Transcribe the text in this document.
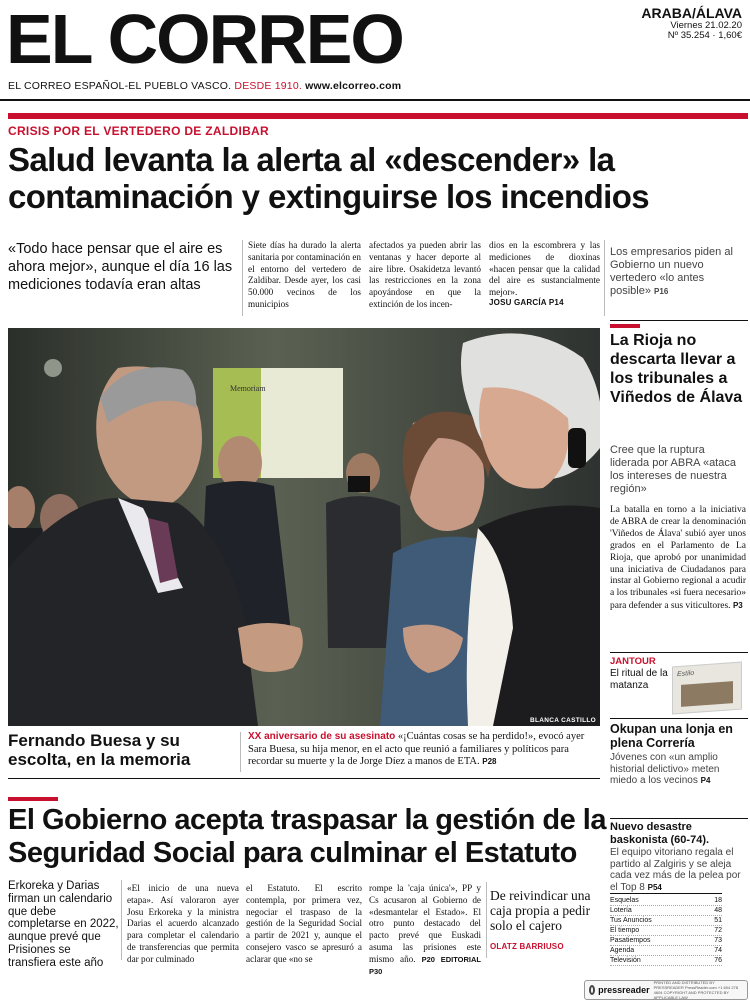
EL CORREO	ARABA/ÁLAVA
Viernes 21.02.20
Nº 35.254 · 1,60€
EL CORREO ESPAÑOL-EL PUEBLO VASCO. DESDE 1910. www.elcorreo.com
CRISIS POR EL VERTEDERO DE ZALDIBAR
Salud levanta la alerta al «descender» la contaminación y extinguirse los incendios
«Todo hace pensar que el aire es ahora mejor», aunque el día 16 las mediciones todavía eran altas
Siete días ha durado la alerta sanitaria por contaminación en el entorno del vertedero de Zaldibar. Desde ayer, los casi 50.000 vecinos de los municipios
afectados ya pueden abrir las ventanas y hacer deporte al aire libre. Osakidetza levantó las restricciones en la zona apoyándose en que la extinción de los incen-
dios en la escombrera y las mediciones de dioxinas «hacen pensar que la calidad del aire es sustancialmente mejor».
JOSU GARCÍA P14
Los empresarios piden al Gobierno un nuevo vertedero «lo antes posible» P16
La Rioja no descarta llevar a los tribunales a Viñedos de Álava
Cree que la ruptura liderada por ABRA «ataca los intereses de nuestra región»
La batalla en torno a la iniciativa de ABRA de crear la denominación 'Viñedos de Álava' subió ayer unos grados en el Parlamento de La Rioja, que aprobó por unanimidad una iniciativa de Ciudadanos para instar al Gobierno regional a acudir a los tribunales «si fuera necesario» para defender a sus viticultores. P3
JANTOUR
El ritual de la matanza
Estilo
Memoriam
BLANCA CASTILLO
Fernando Buesa y su escolta, en la memoria
XX aniversario de su asesinato «¡Cuántas cosas se ha perdido!», evocó ayer Sara Buesa, su hija menor, en el acto que reunió a familiares y políticos para recordar su muerte y la de Jorge Díez a manos de ETA. P28
Okupan una lonja en plena Correría
Jóvenes con «un amplio historial delictivo» meten miedo a los vecinos P4
Nuevo desastre baskonista (60-74).
El equipo vitoriano regala el partido al Zalgiris y se aleja cada vez más de la pelea por el Top 8 P54
Esquelas	18
Lotería	48
Tus Anuncios	51
El tiempo	72
Pasatiempos	73
Agenda	74
Televisión	76
pressreader
PRINTED AND DISTRIBUTED BY PRESSREADER PressReader.com +1 604 278 4604 COPYRIGHT AND PROTECTED BY APPLICABLE LAW
El Gobierno acepta traspasar la gestión de la Seguridad Social para culminar el Estatuto
Erkoreka y Darias firman un calendario que debe completarse en 2022, aunque prevé que Prisiones se transfiera este año
«El inicio de una nueva etapa». Así valoraron ayer Josu Erkoreka y la ministra Darias el acuerdo alcanzado para completar el calendario de transferencias que permita dar por culminado
el Estatuto. El escrito contempla, por primera vez, negociar el traspaso de la gestión de la Seguridad Social a partir de 2021 y, aunque el consejero vasco se apresuró a aclarar que «no se
rompe la 'caja única'», PP y Cs acusaron al Gobierno de «desmantelar el Estado». El otro punto destacado del pacto prevé que Euskadi asuma las prisiones este mismo año. P20 EDITORIAL P30
De reivindicar una caja propia a pedir solo el cajero
OLATZ BARRIUSO
